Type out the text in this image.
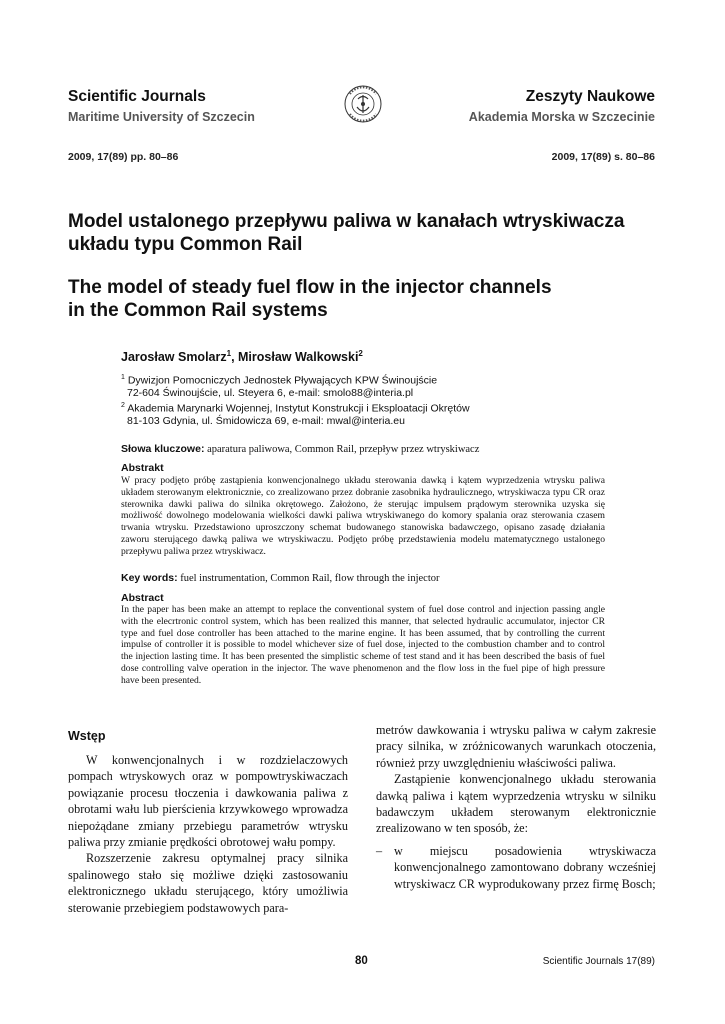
Scientific Journals	Zeszyty Naukowe
Maritime University of Szczecin	Akademia Morska w Szczecinie
2009, 17(89) pp. 80–86	2009, 17(89) s. 80–86
Model ustalonego przepływu paliwa w kanałach wtryskiwacza
układu typu Common Rail
The model of steady fuel flow in the injector channels
in the Common Rail systems
Jarosław Smolarz$^1$, Mirosław Walkowski$^2$
$^1$ Dywizjon Pomocniczych Jednostek Pływających KPW Świnoujście
72-604 Świnoujście, ul. Steyera 6, e-mail: smolo88@interia.pl
$^2$ Akademia Marynarki Wojennej, Instytut Konstrukcji i Eksploatacji Okrętów
81-103 Gdynia, ul. Śmidowicza 69, e-mail: mwal@interia.eu
Słowa kluczowe: aparatura paliwowa, Common Rail, przepływ przez wtryskiwacz
Abstrakt
W pracy podjęto próbę zastąpienia konwencjonalnego układu sterowania dawką i kątem wyprzedzenia wtrysku paliwa układem sterowanym elektronicznie, co zrealizowano przez dobranie zasobnika hydraulicznego, wtryskiwacza typu CR oraz sterownika dawki paliwa do silnika okrętowego. Założono, że sterując impulsem prądowym sterownika uzyska się możliwość dowolnego modelowania wielkości dawki paliwa wtryskiwanego do komory spalania oraz sterowania czasem trwania wtrysku. Przedstawiono uproszczony schemat budowanego stanowiska badawczego, opisano zasadę działania zaworu sterującego dawką paliwa we wtryskiwaczu. Podjęto próbę przedstawienia modelu matematycznego ustalonego przepływu paliwa przez wtryskiwacz.
Key words: fuel instrumentation, Common Rail, flow through the injector
Abstract
In the paper has been make an attempt to replace the conventional system of fuel dose control and injection passing angle with the elecrtronic control system, which has been realized this manner, that selected hydraulic accumulator, injector CR type and fuel dose controller has been attached to the marine engine. It has been assumed, that by controlling the current impulse of controller it is possible to model whichever size of fuel dose, injected to the combustion chamber and to control the injection lasting time. It has been presented the simplistic scheme of test stand and it has been described the basis of fuel dose controlling valve operation in the injector. The wave phenomenon and the flow loss in the fuel pipe of high pressure have been presented.
Wstęp

W konwencjonalnych i w rozdzielaczowych pompach wtryskowych oraz w pompowtryskiwaczach powiązanie procesu tłoczenia i dawkowania paliwa z obrotami wału lub pierścienia krzywkowego wprowadza niepożądane zmiany przebiegu parametrów wtrysku paliwa przy zmianie prędkości obrotowej wału pompy.

Rozszerzenie zakresu optymalnej pracy silnika spalinowego stało się możliwe dzięki zastosowaniu elektronicznego układu sterującego, który umożliwia sterowanie przebiegiem podstawowych para-

metrów dawkowania i wtrysku paliwa w całym zakresie pracy silnika, w zróżnicowanych warunkach otoczenia, również przy uwzględnieniu właściwości paliwa.

Zastąpienie konwencjonalnego układu sterowania dawką paliwa i kątem wyprzedzenia wtrysku w silniku badawczym układem sterowanym elektronicznie zrealizowano w ten sposób, że:

– w miejscu posadowienia wtryskiwacza konwencjonalnego zamontowano dobrany wcześniej wtryskiwacz CR wyprodukowany przez firmę Bosch;
80	Scientific Journals 17(89)
